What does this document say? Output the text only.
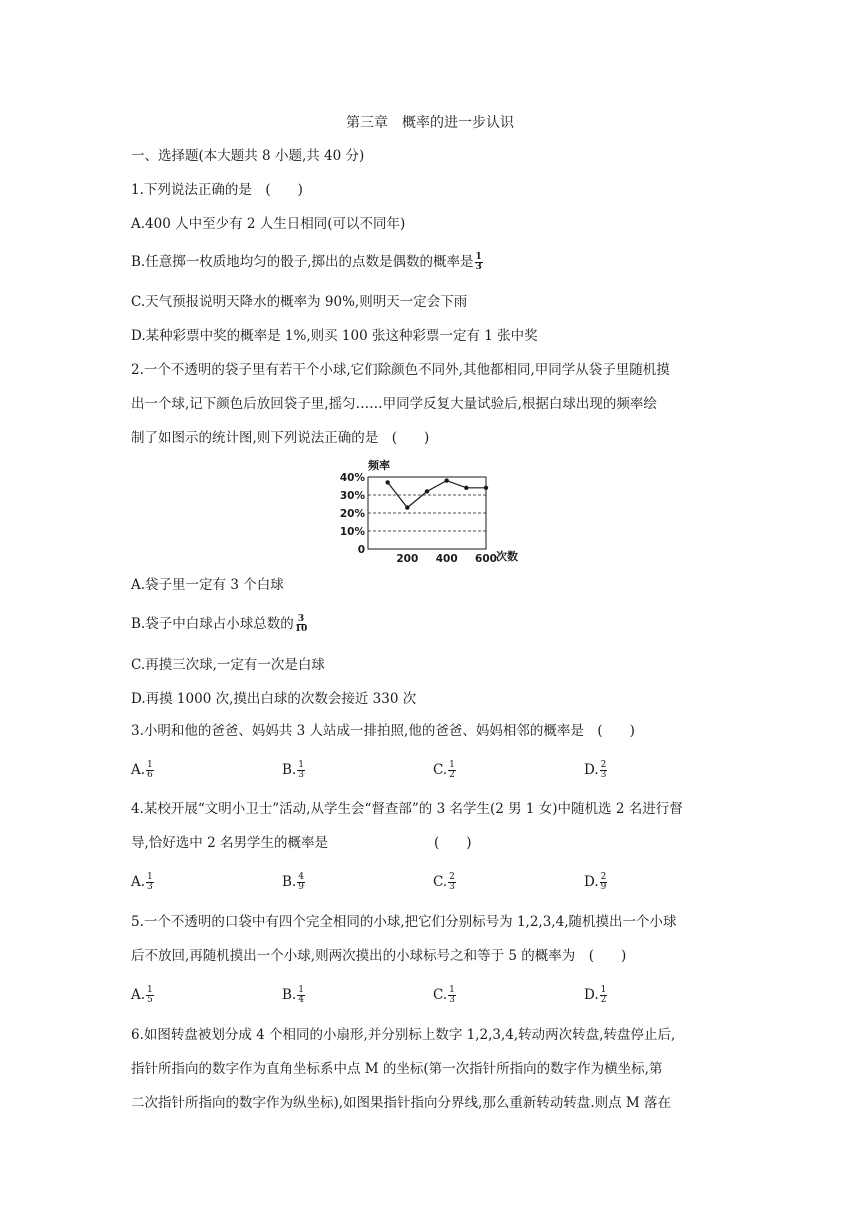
第三章　概率的进一步认识
一、选择题(本大题共 8 小题,共 40 分)
1.下列说法正确的是　(　　)
A.400 人中至少有 2 人生日相同(可以不同年)
B.任意掷一枚质地均匀的骰子,掷出的点数是偶数的概率是 $\frac{1}{3}$
C.天气预报说明天降水的概率为 90%,则明天一定会下雨
D.某种彩票中奖的概率是 1%,则买 100 张这种彩票一定有 1 张中奖
2.一个不透明的袋子里有若干个小球,它们除颜色不同外,其他都相同,甲同学从袋子里随机摸
出一个球,记下颜色后放回袋子里,摇匀……甲同学反复大量试验后,根据白球出现的频率绘
制了如图示的统计图,则下列说法正确的是　(　　)
0
10%
20%
30%
40%
200 400 600
频率
次数
A.袋子里一定有 3 个白球
B.袋子中白球占小球总数的 $\frac{3}{10}$
C.再摸三次球,一定有一次是白球
D.再摸 1000 次,摸出白球的次数会接近 330 次
3.小明和他的爸爸、妈妈共 3 人站成一排拍照,他的爸爸、妈妈相邻的概率是　(　　)
A. $\frac{1}{6}$	B. $\frac{1}{3}$	C. $\frac{1}{2}$	D. $\frac{2}{3}$
4.某校开展“文明小卫士”活动,从学生会“督查部”的 3 名学生(2 男 1 女)中随机选 2 名进行督
导,恰好选中 2 名男学生的概率是	(　　)
A. $\frac{1}{3}$	B. $\frac{4}{9}$	C. $\frac{2}{3}$	D. $\frac{2}{9}$
5.一个不透明的口袋中有四个完全相同的小球,把它们分别标号为 1,2,3,4,随机摸出一个小球
后不放回,再随机摸出一个小球,则两次摸出的小球标号之和等于 5 的概率为　(　　)
A. $\frac{1}{5}$	B. $\frac{1}{4}$	C. $\frac{1}{3}$	D. $\frac{1}{2}$
6.如图转盘被划分成 4 个相同的小扇形,并分别标上数字 1,2,3,4,转动两次转盘,转盘停止后,
指针所指向的数字作为直角坐标系中点 M 的坐标(第一次指针所指向的数字作为横坐标,第
二次指针所指向的数字作为纵坐标),如图果指针指向分界线,那么重新转动转盘.则点 M 落在
